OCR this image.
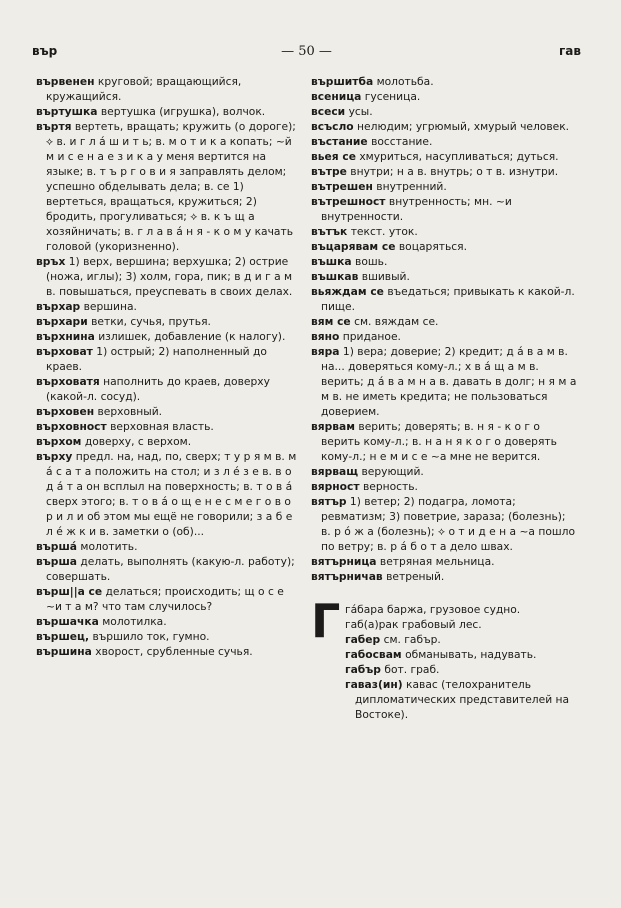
вър	— 50 —	гав

вървенен круговой; вращающийся, кружащийся.

въртушка вертушка (игрушка), волчок.

въртя вертеть, вращать; кружить (о дороге); ⟡ в. и г л á ш и т ь; в. м о т и к а копать; ~й м и с е н а е з и к а у меня вертится на языке; в. т ъ р г о в и я заправлять делом; успешно обделывать дела; в. се 1) вертеться, вращаться, кружиться; 2) бродить, прогуливаться; ⟡ в. к ъ щ а хозяйничать; в. г л а в á н я - к о м у качать головой (укоризненно).

връх 1) верх, вершина; верхушка; 2) острие (ножа, иглы); 3) холм, гора, пик; в д и г а м в. повышаться, преуспевать в своих делах.

върхар вершина.

върхари ветки, сучья, прутья.

върхнина излишек, добавление (к налогу).

върховат 1) острый; 2) наполненный до краев.

върховатя наполнить до краев, доверху (какой-л. сосуд).

върховен верховный.

върховност верховная власть.

върхом доверху, с верхом.

върху предл. на, над, по, сверх; т у р я м в. м á с а т а положить на стол; и з л é з е в. в о д á т а он всплыл на поверхность; в. т о в á сверх этого; в. т о в á о щ е н е с м е г о в о р и л и об этом мы ещё не говорили; з а б е л é ж к и в. заметки о (об)...

вършá молотить.

върша делать, выполнять (какую-л. работу); совершать.

върш||а се делаться; происходить; щ о с е ~и т а м? что там случилось?

вършачка молотилка.

вършец, вършило ток, гумно.

вършина хворост, срубленные сучья.

вършитба молотьба.

всеница гусеница.

всеси усы.

всъсло нелюдим; угрюмый, хмурый человек.

въстание восстание.

вьея се хмуриться, насупливаться; дуться.

вътре внутри; н а в. внутрь; о т в. изнутри.

вътрешен внутренний.

вътрешност внутренность; мн. ~и внутренности.

вътък текст. уток.

въцарявам се воцаряться.

въшка вошь.

въшкав вшивый.

вьяждам се въедаться; привыкать к какой-л. пище.

вям се см. вяждам се.

вяно приданое.

вяра 1) вера; доверие; 2) кредит; д á в а м в. на... доверяться кому-л.; х в á щ а м в. верить; д á в а м н а в. давать в долг; н я м а м в. не иметь кредита; не пользоваться доверием.

вярвам верить; доверять; в. н я - к о г о верить кому-л.; в. н а н я к о г о доверять кому-л.; н е м и с е ~а мне не верится.

вярващ верующий.

вярност верность.

вятър 1) ветер; 2) подагра, ломота; ревматизм; 3) поветрие, зараза; (болезнь); в. р ó ж а (болезнь); ⟡ о т и д е н а ~а пошло по ветру; в. р á б о т а дело швах.

вятърница ветряная мельница.

вятърничав ветреный.

Г гáбара баржа, грузовое судно.

габ(а)рак грабовый лес.

габер см. габър.

габосвам обманывать, надувать.

габър бот. граб.

гаваз(ин) кавас (телохранитель дипломатических представителей на Востоке).
